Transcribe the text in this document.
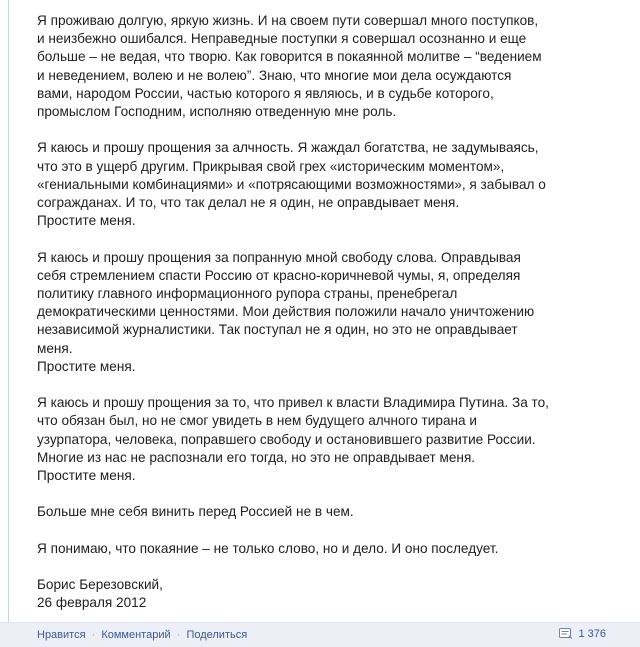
Я проживаю долгую, яркую жизнь. И на своем пути совершал много поступков,
и неизбежно ошибался. Неправедные поступки я совершал осознанно и еще
больше – не ведая, что творю. Как говорится в покаянной молитве – “ведением
и неведением, волею и не волею”. Знаю, что многие мои дела осуждаются
вами, народом России, частью которого я являюсь, и в судьбе которого,
промыслом Господним, исполняю отведенную мне роль.

Я каюсь и прошу прощения за алчность. Я жаждал богатства, не задумываясь,
что это в ущерб другим. Прикрывая свой грех «историческим моментом»,
«гениальными комбинациями» и «потрясающими возможностями», я забывал о
согражданах. И то, что так делал не я один, не оправдывает меня.
Простите меня.

Я каюсь и прошу прощения за попранную мной свободу слова. Оправдывая
себя стремлением спасти Россию от красно-коричневой чумы, я, определяя
политику главного информационного рупора страны, пренебрегал
демократическими ценностями. Мои действия положили начало уничтожению
независимой журналистики. Так поступал не я один, но это не оправдывает
меня.
Простите меня.

Я каюсь и прошу прощения за то, что привел к власти Владимира Путина. За то,
что обязан был, но не смог увидеть в нем будущего алчного тирана и
узурпатора, человека, поправшего свободу и остановившего развитие России.
Многие из нас не распознали его тогда, но это не оправдывает меня.
Простите меня.

Больше мне себя винить перед Россией не в чем.

Я понимаю, что покаяние – не только слово, но и дело. И оно последует.

Борис Березовский,
26 февраля 2012

Нравится · Комментарий · Поделиться	1 376
